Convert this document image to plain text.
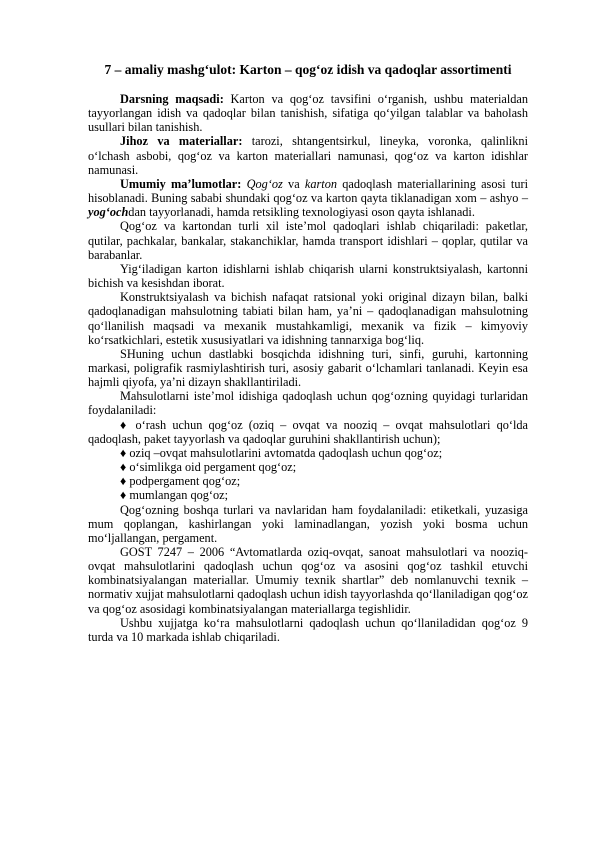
7 – amaliy mashg‘ulot: Karton – qog‘oz idish va qadoqlar assortimenti

Darsning maqsadi: Karton va qog‘oz tavsifini o‘rganish, ushbu materialdan tayyorlangan idish va qadoqlar bilan tanishish, sifatiga qo‘yilgan talablar va baholash usullari bilan tanishish.

Jihoz va materiallar: tarozi, shtangentsirkul, lineyka, voronka, qalinlikni o‘lchash asbobi, qog‘oz va karton materiallari namunasi, qog‘oz va karton idishlar namunasi.

Umumiy ma’lumotlar: Qog‘oz va karton qadoqlash materiallarining asosi turi hisoblanadi. Buning sababi shundaki qog‘oz va karton qayta tiklanadigan xom – ashyo – yog‘ochdan tayyorlanadi, hamda retsikling texnologiyasi oson qayta ishlanadi.

Qog‘oz va kartondan turli xil iste’mol qadoqlari ishlab chiqariladi: paketlar, qutilar, pachkalar, bankalar, stakanchiklar, hamda transport idishlari – qoplar, qutilar va barabanlar.

Yig‘iladigan karton idishlarni ishlab chiqarish ularni konstruktsiyalash, kartonni bichish va kesishdan iborat.

Konstruktsiyalash va bichish nafaqat ratsional yoki original dizayn bilan, balki qadoqlanadigan mahsulotning tabiati bilan ham, ya’ni – qadoqlanadigan mahsulotning qo‘llanilish maqsadi va mexanik mustahkamligi, mexanik va fizik – kimyoviy ko‘rsatkichlari, estetik xususiyatlari va idishning tannarxiga bog‘liq.

SHuning uchun dastlabki bosqichda idishning turi, sinfi, guruhi, kartonning markasi, poligrafik rasmiylashtirish turi, asosiy gabarit o‘lchamlari tanlanadi. Keyin esa hajmli qiyofa, ya’ni dizayn shakllantiriladi.

Mahsulotlarni iste’mol idishiga qadoqlash uchun qog‘ozning quyidagi turlaridan foydalaniladi:

♦ o‘rash uchun qog‘oz (oziq – ovqat va nooziq – ovqat mahsulotlari qo‘lda qadoqlash, paket tayyorlash va qadoqlar guruhini shakllantirish uchun);

♦ oziq –ovqat mahsulotlarini avtomatda qadoqlash uchun qog‘oz;

♦ o‘simlikga oid pergament qog‘oz;

♦ podpergament qog‘oz;

♦ mumlangan qog‘oz;

Qog‘ozning boshqa turlari va navlaridan ham foydalaniladi: etiketkali, yuzasiga mum qoplangan, kashirlangan yoki laminadlangan, yozish yoki bosma uchun mo‘ljallangan, pergament.

GOST 7247 – 2006 “Avtomatlarda oziq-ovqat, sanoat mahsulotlari va nooziq-ovqat mahsulotlarini qadoqlash uchun qog‘oz va asosini qog‘oz tashkil etuvchi kombinatsiyalangan materiallar. Umumiy texnik shartlar” deb nomlanuvchi texnik – normativ xujjat mahsulotlarni qadoqlash uchun idish tayyorlashda qo‘llaniladigan qog‘oz va qog‘oz asosidagi kombinatsiyalangan materiallarga tegishlidir.

Ushbu xujjatga ko‘ra mahsulotlarni qadoqlash uchun qo‘llaniladidan qog‘oz 9 turda va 10 markada ishlab chiqariladi.
